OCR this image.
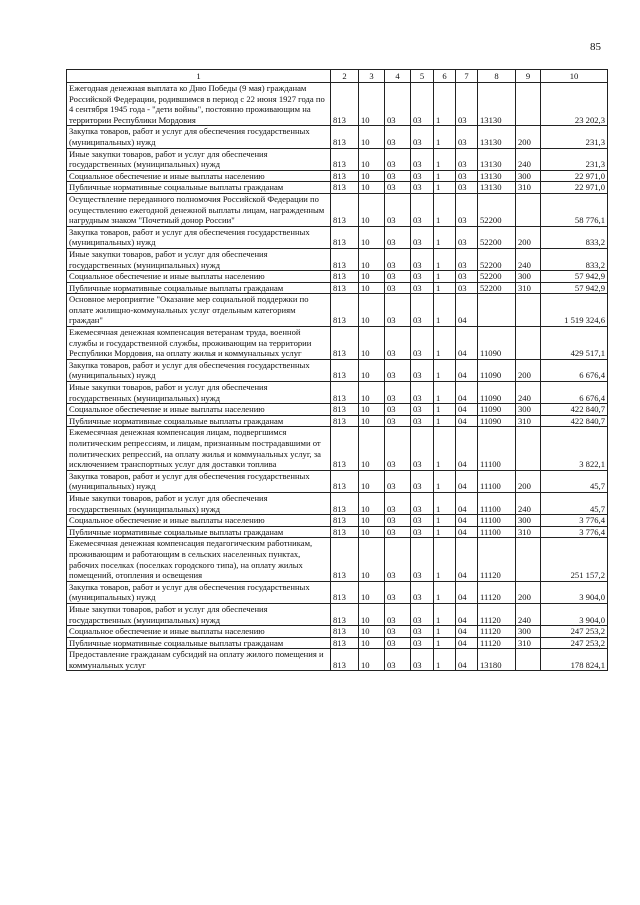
85
1	2	3	4	5	6	7	8	9	10
Ежегодная денежная выплата ко Дню Победы (9 мая) гражданам Российской Федерации, родившимся в период с 22 июня 1927 года по 4 сентября 1945 года - "дети войны", постоянно проживающим на территории Республики Мордовия	813	10	03	03	1	03	13130		23 202,3
Закупка товаров, работ и услуг для обеспечения государственных (муниципальных) нужд	813	10	03	03	1	03	13130	200	231,3
Иные закупки товаров, работ и услуг для обеспечения государственных (муниципальных) нужд	813	10	03	03	1	03	13130	240	231,3
Социальное обеспечение и иные выплаты населению	813	10	03	03	1	03	13130	300	22 971,0
Публичные нормативные социальные выплаты гражданам	813	10	03	03	1	03	13130	310	22 971,0
Осуществление переданного полномочия Российской Федерации по осуществлению ежегодной денежной выплаты лицам, награжденным нагрудным знаком "Почетный донор России"	813	10	03	03	1	03	52200		58 776,1
Закупка товаров, работ и услуг для обеспечения государственных (муниципальных) нужд	813	10	03	03	1	03	52200	200	833,2
Иные закупки товаров, работ и услуг для обеспечения государственных (муниципальных) нужд	813	10	03	03	1	03	52200	240	833,2
Социальное обеспечение и иные выплаты населению	813	10	03	03	1	03	52200	300	57 942,9
Публичные нормативные социальные выплаты гражданам	813	10	03	03	1	03	52200	310	57 942,9
Основное мероприятие "Оказание мер социальной поддержки по оплате жилищно-коммунальных услуг отдельным категориям граждан"	813	10	03	03	1	04			1 519 324,6
Ежемесячная денежная компенсация ветеранам труда, военной службы и государственной службы, проживающим на территории Республики Мордовия, на оплату жилья и коммунальных услуг	813	10	03	03	1	04	11090		429 517,1
Закупка товаров, работ и услуг для обеспечения государственных (муниципальных) нужд	813	10	03	03	1	04	11090	200	6 676,4
Иные закупки товаров, работ и услуг для обеспечения государственных (муниципальных) нужд	813	10	03	03	1	04	11090	240	6 676,4
Социальное обеспечение и иные выплаты населению	813	10	03	03	1	04	11090	300	422 840,7
Публичные нормативные социальные выплаты гражданам	813	10	03	03	1	04	11090	310	422 840,7
Ежемесячная денежная компенсация лицам, подвергшимся политическим репрессиям, и лицам, признанным пострадавшими от политических репрессий, на оплату жилья и коммунальных услуг, за исключением транспортных услуг для доставки топлива	813	10	03	03	1	04	11100		3 822,1
Закупка товаров, работ и услуг для обеспечения государственных (муниципальных) нужд	813	10	03	03	1	04	11100	200	45,7
Иные закупки товаров, работ и услуг для обеспечения государственных (муниципальных) нужд	813	10	03	03	1	04	11100	240	45,7
Социальное обеспечение и иные выплаты населению	813	10	03	03	1	04	11100	300	3 776,4
Публичные нормативные социальные выплаты гражданам	813	10	03	03	1	04	11100	310	3 776,4
Ежемесячная денежная компенсация педагогическим работникам, проживающим и работающим в сельских населенных пунктах, рабочих поселках (поселках городского типа), на оплату жилых помещений, отопления и освещения	813	10	03	03	1	04	11120		251 157,2
Закупка товаров, работ и услуг для обеспечения государственных (муниципальных) нужд	813	10	03	03	1	04	11120	200	3 904,0
Иные закупки товаров, работ и услуг для обеспечения государственных (муниципальных) нужд	813	10	03	03	1	04	11120	240	3 904,0
Социальное обеспечение и иные выплаты населению	813	10	03	03	1	04	11120	300	247 253,2
Публичные нормативные социальные выплаты гражданам	813	10	03	03	1	04	11120	310	247 253,2
Предоставление гражданам субсидий на оплату жилого помещения и коммунальных услуг	813	10	03	03	1	04	13180		178 824,1
